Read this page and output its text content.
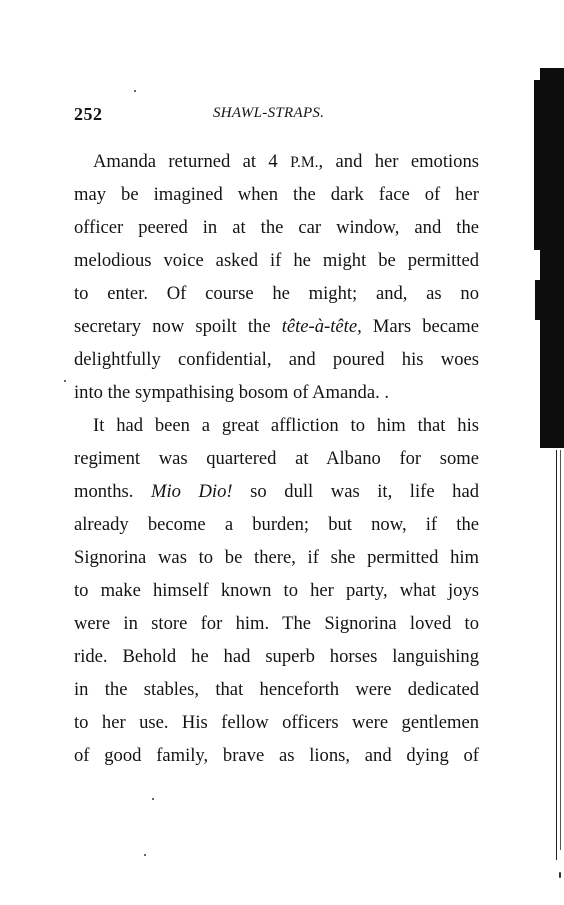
252	SHAWL-STRAPS.
Amanda returned at 4 P.M., and her emotions
may be imagined when the dark face of her
officer peered in at the car window, and the
melodious voice asked if he might be permitted
to enter. Of course he might; and, as no
secretary now spoilt the tête-à-tête, Mars became
delightfully confidential, and poured his woes
into the sympathising bosom of Amanda. .
It had been a great affliction to him that his
regiment was quartered at Albano for some
months. Mio Dio! so dull was it, life had
already become a burden; but now, if the
Signorina was to be there, if she permitted him
to make himself known to her party, what joys
were in store for him. The Signorina loved to
ride. Behold he had superb horses languishing
in the stables, that henceforth were dedicated
to her use. His fellow officers were gentlemen
of good family, brave as lions, and dying of
